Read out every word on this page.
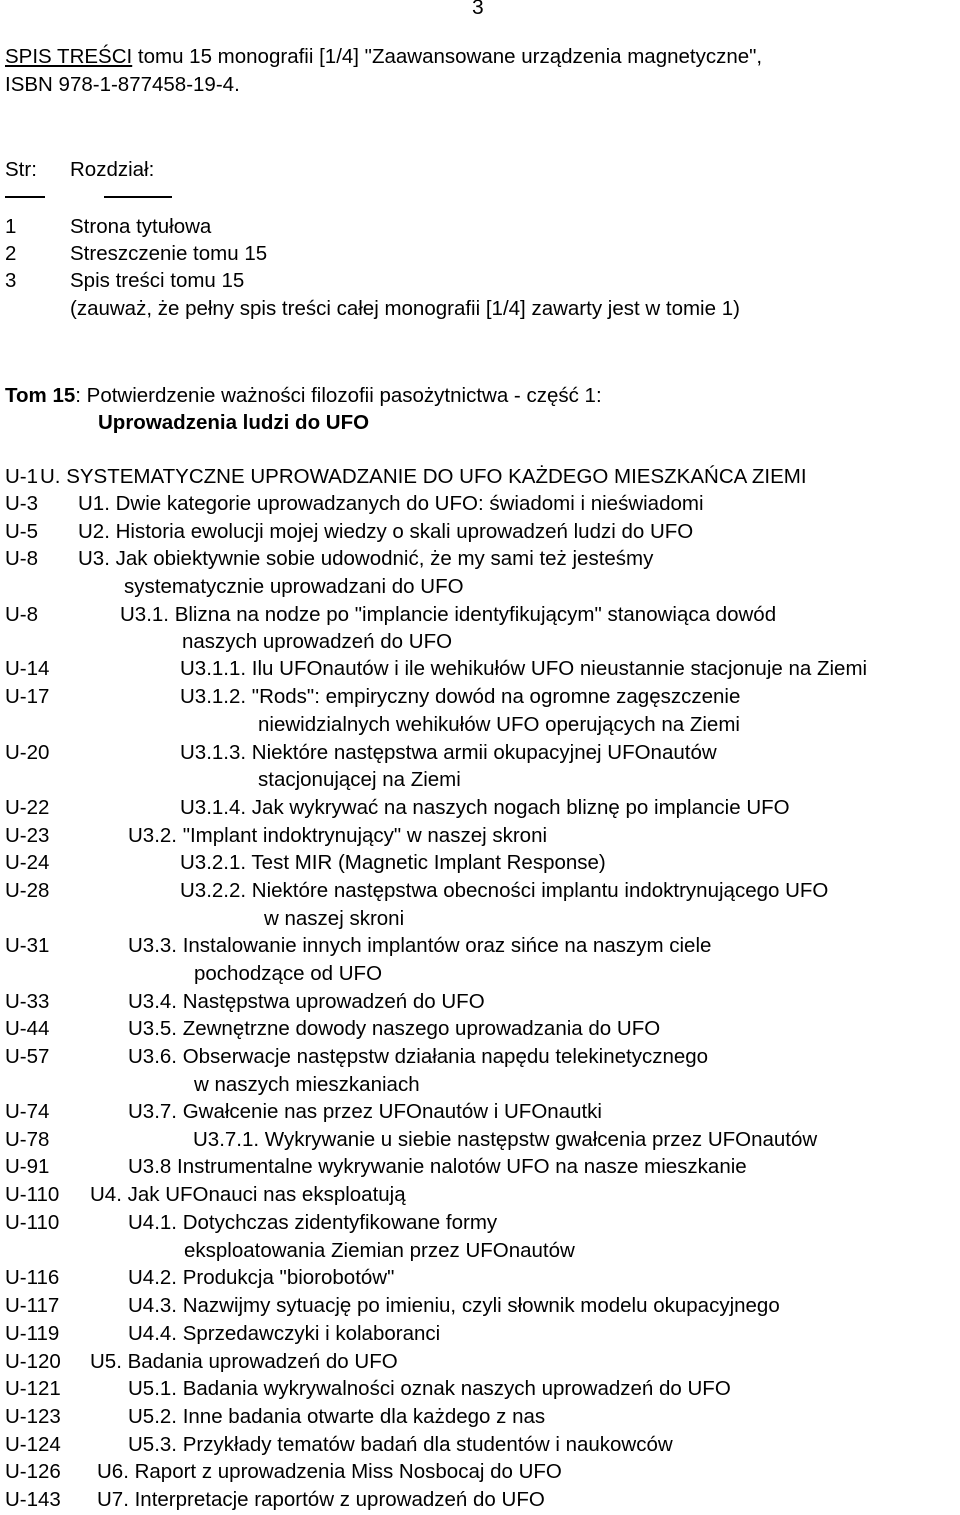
3
SPIS TREŚCI tomu 15 monografii [1/4] "Zaawansowane urządzenia magnetyczne",
ISBN 978-1-877458-19-4.
Str: Rozdział:
1	Strona tytułowa
2	Streszczenie tomu 15
3	Spis treści tomu 15
(zauważ, że pełny spis treści całej monografii [1/4] zawarty jest w tomie 1)
Tom 15: Potwierdzenie ważności filozofii pasożytnictwa - część 1:
Uprowadzenia ludzi do UFO
U-1 U. SYSTEMATYCZNE UPROWADZANIE DO UFO KAŻDEGO MIESZKAŃCA ZIEMI
U-3 U1. Dwie kategorie uprowadzanych do UFO: świadomi i nieświadomi
U-5 U2. Historia ewolucji mojej wiedzy o skali uprowadzeń ludzi do UFO
U-8 U3. Jak obiektywnie sobie udowodnić, że my sami też jesteśmy
systematycznie uprowadzani do UFO
U-8	U3.1. Blizna na nodze po "implancie identyfikującym" stanowiąca dowód
naszych uprowadzeń do UFO
U-14	U3.1.1. Ilu UFOnautów i ile wehikułów UFO nieustannie stacjonuje na Ziemi
U-17	U3.1.2. "Rods": empiryczny dowód na ogromne zagęszczenie
niewidzialnych wehikułów UFO operujących na Ziemi
U-20	U3.1.3. Niektóre następstwa armii okupacyjnej UFOnautów
stacjonującej na Ziemi
U-22	U3.1.4. Jak wykrywać na naszych nogach bliznę po implancie UFO
U-23	U3.2. "Implant indoktrynujący" w naszej skroni
U-24	U3.2.1. Test MIR (Magnetic Implant Response)
U-28	U3.2.2. Niektóre następstwa obecności implantu indoktrynującego UFO
w naszej skroni
U-31	U3.3. Instalowanie innych implantów oraz sińce na naszym ciele
pochodzące od UFO
U-33	U3.4. Następstwa uprowadzeń do UFO
U-44	U3.5. Zewnętrzne dowody naszego uprowadzania do UFO
U-57	U3.6. Obserwacje następstw działania napędu telekinetycznego
w naszych mieszkaniach
U-74	U3.7. Gwałcenie nas przez UFOnautów i UFOnautki
U-78	U3.7.1. Wykrywanie u siebie następstw gwałcenia przez UFOnautów
U-91	U3.8 Instrumentalne wykrywanie nalotów UFO na nasze mieszkanie
U-110 U4. Jak UFOnauci nas eksploatują
U-110	U4.1. Dotychczas zidentyfikowane formy
eksploatowania Ziemian przez UFOnautów
U-116	U4.2. Produkcja "biorobotów"
U-117	U4.3. Nazwijmy sytuację po imieniu, czyli słownik modelu okupacyjnego
U-119	U4.4. Sprzedawczyki i kolaboranci
U-120 U5. Badania uprowadzeń do UFO
U-121	U5.1. Badania wykrywalności oznak naszych uprowadzeń do UFO
U-123	U5.2. Inne badania otwarte dla każdego z nas
U-124	U5.3. Przykłady tematów badań dla studentów i naukowców
U-126 U6. Raport z uprowadzenia Miss Nosbocaj do UFO
U-143 U7. Interpretacje raportów z uprowadzeń do UFO
